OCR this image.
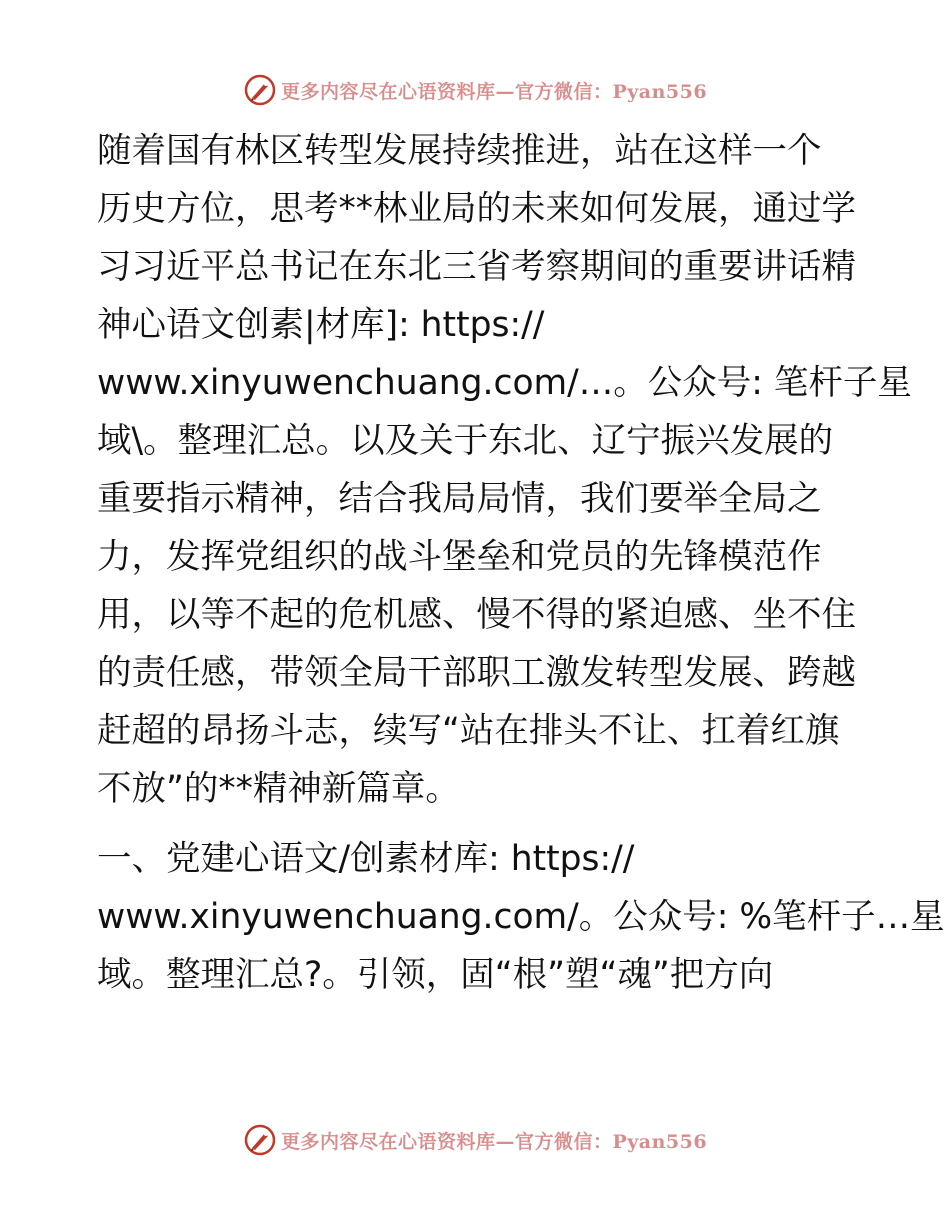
更多内容尽在心语资料库—官方微信：Pyan556

随着国有林区转型发展持续推进，站在这样一个
历史方位，思考**林业局的未来如何发展，通过学
习习近平总书记在东北三省考察期间的重要讲话精
神心语文创素|材库]: https://
www.xinyuwenchuang.com/…。公众号: 笔杆子星
域\。整理汇总。以及关于东北、辽宁振兴发展的
重要指示精神，结合我局局情，我们要举全局之
力，发挥党组织的战斗堡垒和党员的先锋模范作
用，以等不起的危机感、慢不得的紧迫感、坐不住
的责任感，带领全局干部职工激发转型发展、跨越
赶超的昂扬斗志，续写“站在排头不让、扛着红旗
不放”的**精神新篇章。

一、党建心语文/创素材库: https://
www.xinyuwenchuang.com/。公众号: %笔杆子…星
域。整理汇总?。引领，固“根”塑“魂”把方向

更多内容尽在心语资料库—官方微信：Pyan556
